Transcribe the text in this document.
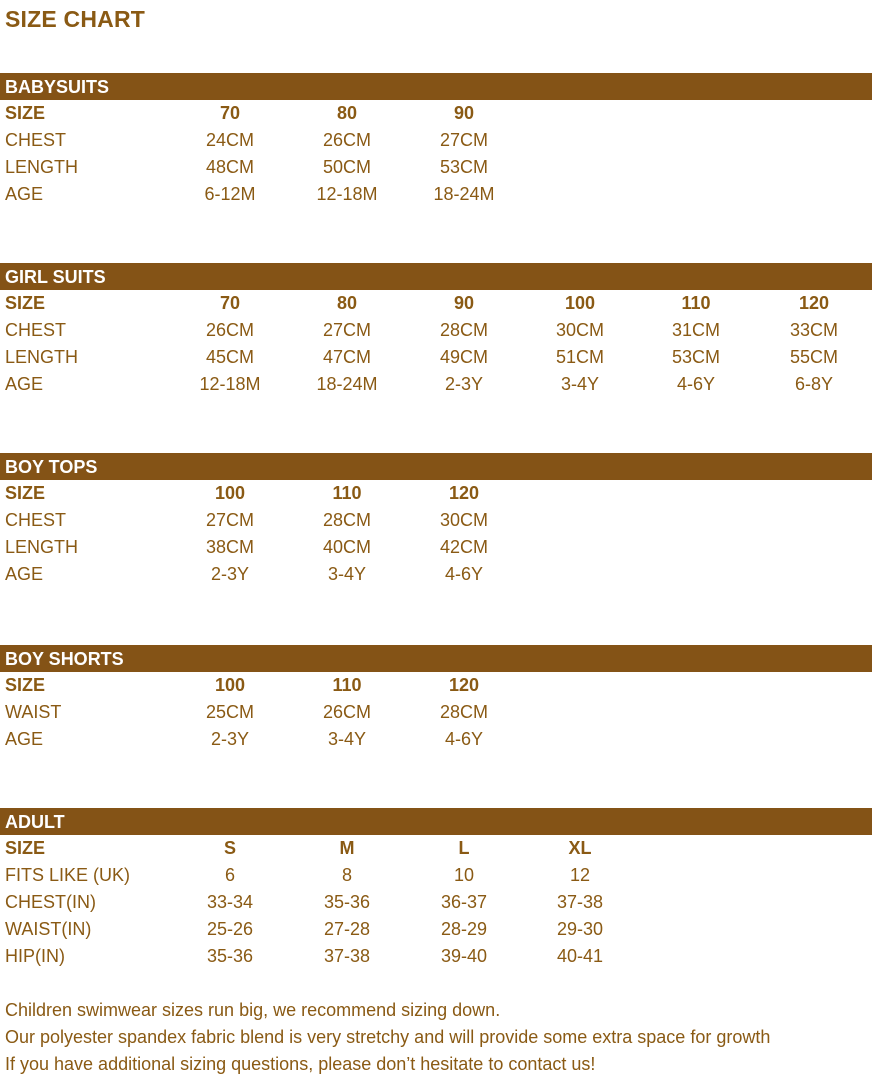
SIZE CHART
BABYSUITS
SIZE	70	80	90
CHEST	24CM	26CM	27CM
LENGTH	48CM	50CM	53CM
AGE	6-12M	12-18M	18-24M
GIRL SUITS
SIZE	70	80	90	100	110	120
CHEST	26CM	27CM	28CM	30CM	31CM	33CM
LENGTH	45CM	47CM	49CM	51CM	53CM	55CM
AGE	12-18M	18-24M	2-3Y	3-4Y	4-6Y	6-8Y
BOY TOPS
SIZE	100	110	120
CHEST	27CM	28CM	30CM
LENGTH	38CM	40CM	42CM
AGE	2-3Y	3-4Y	4-6Y
BOY SHORTS
SIZE	100	110	120
WAIST	25CM	26CM	28CM
AGE	2-3Y	3-4Y	4-6Y
ADULT
SIZE	S	M	L	XL
FITS LIKE (UK)	6	8	10	12
CHEST(IN)	33-34	35-36	36-37	37-38
WAIST(IN)	25-26	27-28	28-29	29-30
HIP(IN)	35-36	37-38	39-40	40-41
Children swimwear sizes run big, we recommend sizing down.
Our polyester spandex fabric blend is very stretchy and will provide some extra space for growth
If you have additional sizing questions, please don’t hesitate to contact us!
